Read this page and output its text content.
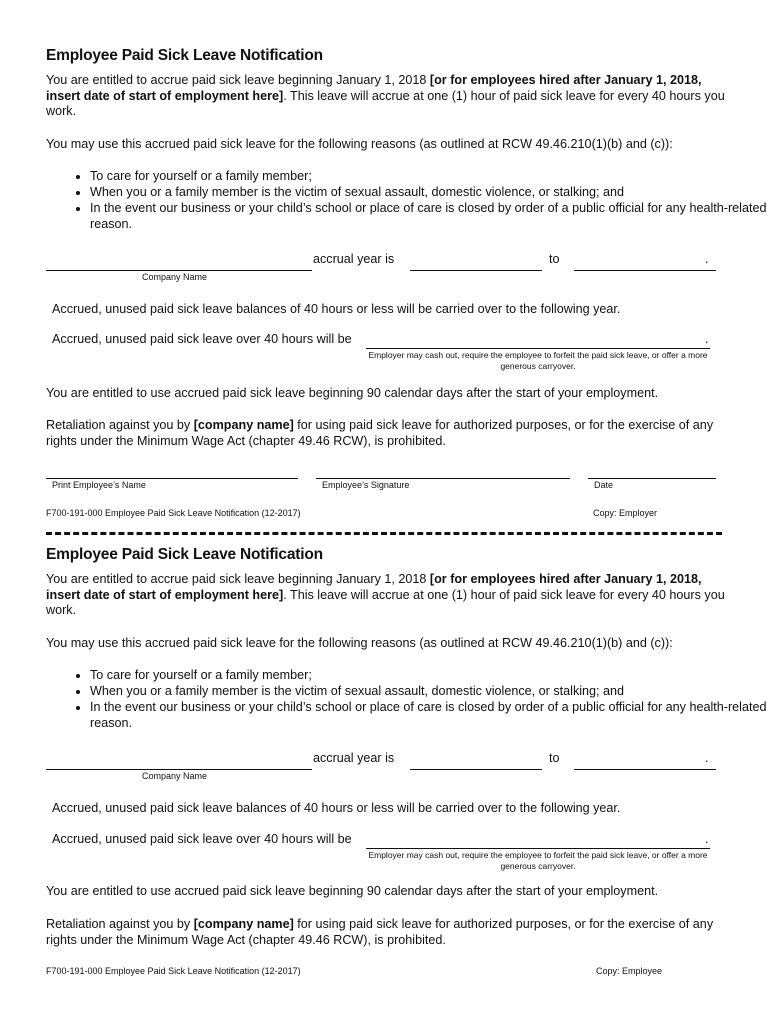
Employee Paid Sick Leave Notification
You are entitled to accrue paid sick leave beginning January 1, 2018 [or for employees hired after January 1, 2018, insert date of start of employment here]. This leave will accrue at one (1) hour of paid sick leave for every 40 hours you work.
You may use this accrued paid sick leave for the following reasons (as outlined at RCW 49.46.210(1)(b) and (c)):
• To care for yourself or a family member;
• When you or a family member is the victim of sexual assault, domestic violence, or stalking; and
• In the event our business or your child’s school or place of care is closed by order of a public official for any health-related reason.
accrual year is	to	.
Company Name
Accrued, unused paid sick leave balances of 40 hours or less will be carried over to the following year.
Accrued, unused paid sick leave over 40 hours will be	.
Employer may cash out, require the employee to forfeit the paid sick leave, or offer a more generous carryover.
You are entitled to use accrued paid sick leave beginning 90 calendar days after the start of your employment.
Retaliation against you by [company name] for using paid sick leave for authorized purposes, or for the exercise of any rights under the Minimum Wage Act (chapter 49.46 RCW), is prohibited.
Print Employee’s Name	Employee’s Signature	Date
F700-191-000 Employee Paid Sick Leave Notification (12-2017)	Copy: Employer
Employee Paid Sick Leave Notification
You are entitled to accrue paid sick leave beginning January 1, 2018 [or for employees hired after January 1, 2018, insert date of start of employment here]. This leave will accrue at one (1) hour of paid sick leave for every 40 hours you work.
You may use this accrued paid sick leave for the following reasons (as outlined at RCW 49.46.210(1)(b) and (c)):
• To care for yourself or a family member;
• When you or a family member is the victim of sexual assault, domestic violence, or stalking; and
• In the event our business or your child’s school or place of care is closed by order of a public official for any health-related reason.
accrual year is	to	.
Company Name
Accrued, unused paid sick leave balances of 40 hours or less will be carried over to the following year.
Accrued, unused paid sick leave over 40 hours will be	.
Employer may cash out, require the employee to forfeit the paid sick leave, or offer a more generous carryover.
You are entitled to use accrued paid sick leave beginning 90 calendar days after the start of your employment.
Retaliation against you by [company name] for using paid sick leave for authorized purposes, or for the exercise of any rights under the Minimum Wage Act (chapter 49.46 RCW), is prohibited.
F700-191-000 Employee Paid Sick Leave Notification (12-2017)	Copy: Employee
